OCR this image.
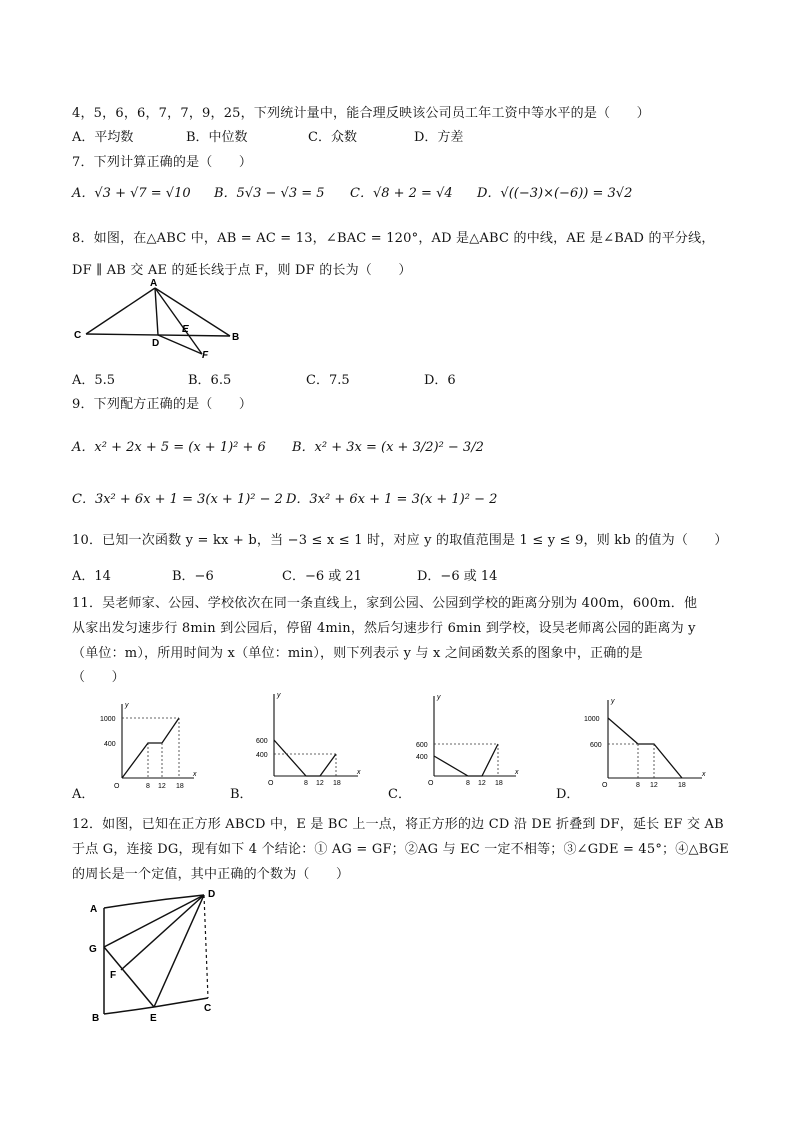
4，5，6，6，7，7，9，25，下列统计量中，能合理反映该公司员工年工资中等水平的是（　　）
A．平均数	B．中位数	C．众数	D．方差
7．下列计算正确的是（　　）
A．√3 + √7 = √10 B．5√3 − √3 = 5 C．√8 + 2 = √4 D．√((−3)×(−6)) = 3√2
8．如图，在△ABC 中，AB = AC = 13，∠BAC = 120°，AD 是△ABC 的中线，AE 是∠BAD 的平分线，
DF ∥ AB 交 AE 的延长线于点 F，则 DF 的长为（　　）
A
C
D
E
B
F
A．5.5	B．6.5	C．7.5	D．6
9．下列配方正确的是（　　）
A．x² + 2x + 5 = (x + 1)² + 6 B．x² + 3x = (x + 3/2)² − 3/2
C．3x² + 6x + 1 = 3(x + 1)² − 2 D．3x² + 6x + 1 = 3(x + 1)² − 2
10．已知一次函数 y = kx + b，当 −3 ≤ x ≤ 1 时，对应 y 的取值范围是 1 ≤ y ≤ 9，则 kb 的值为（　　）
A．14	B．−6	C．−6 或 21	D．−6 或 14
11．吴老师家、公园、学校依次在同一条直线上，家到公园、公园到学校的距离分别为 400m，600m．他
从家出发匀速步行 8min 到公园后，停留 4min，然后匀速步行 6min 到学校，设吴老师离公园的距离为 y
（单位：m），所用时间为 x（单位：min），则下列表示 y 与 x 之间函数关系的图象中，正确的是
（　　）
A．
y
1000
400
O	8 12 18
x
B．
y
600
400
O	8 12 18
x
C．
y
600
400
O	8 12 18
x
D．
y
1000
600
O	8 12	18
x
12．如图，已知在正方形 ABCD 中，E 是 BC 上一点，将正方形的边 CD 沿 DE 折叠到 DF，延长 EF 交 AB
于点 G，连接 DG，现有如下 4 个结论：① AG = GF；②AG 与 EC 一定不相等；③∠GDE = 45°；④△BGE
的周长是一个定值，其中正确的个数为（　　）
A
D
G
F
B	E
C
